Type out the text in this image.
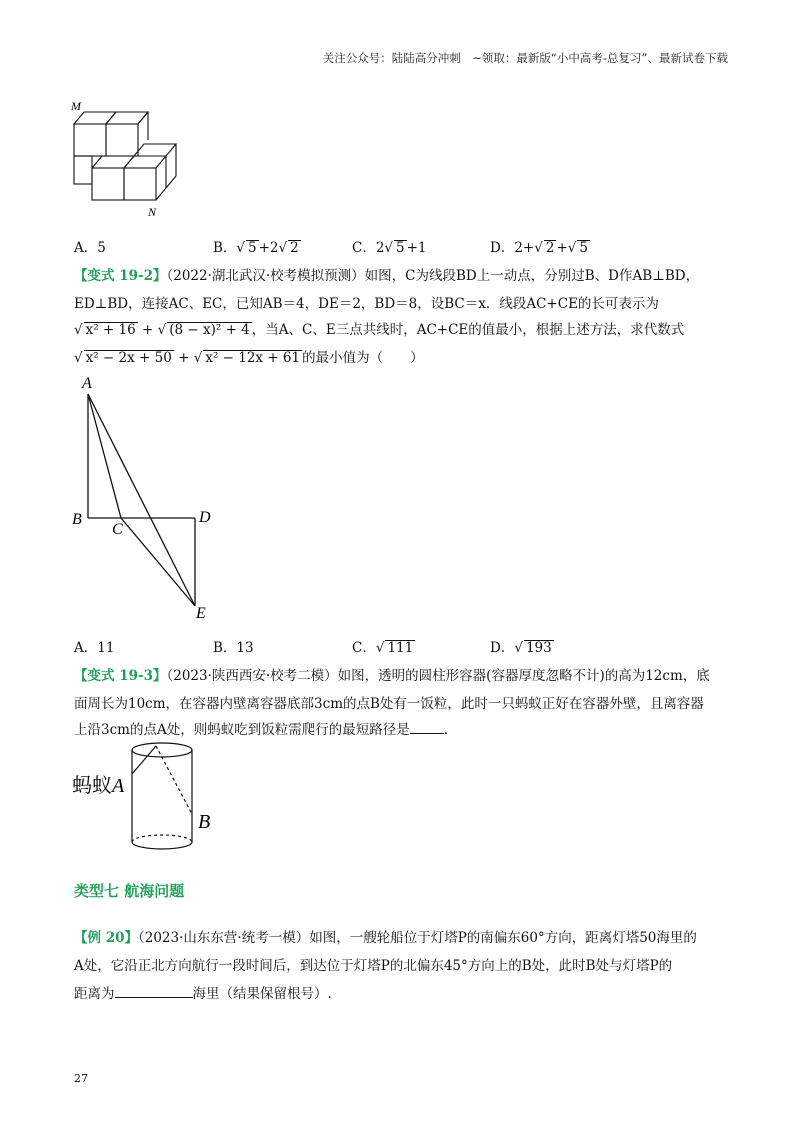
关注公众号：陆陆高分冲刺　~领取：最新版“小中高考-总复习”、最新试卷下载
M
N
A．5	B．√ 5 +2√ 2	C．2√ 5 +1	D．2+√ 2 +√ 5
【变式 19-2】（2022·湖北武汉·校考模拟预测）如图，C为线段BD上一动点，分别过B、D作AB⊥BD，
ED⊥BD，连接AC、EC，已知AB＝4，DE＝2，BD＝8，设BC＝x．线段AC+CE的长可表示为
√ x² + 16 + √ (8 − x)² + 4 ，当A、C、E三点共线时，AC+CE的值最小，根据上述方法，求代数式
√ x² − 2x + 50 + √ x² − 12x + 61 的最小值为（　　）
A
B
C
D
E
A．11	B．13	C．√ 111	D．√ 193
【变式 19-3】（2023·陕西西安·校考二模）如图，透明的圆柱形容器(容器厚度忽略不计)的高为12cm，底
面周长为10cm，在容器内壁离容器底部3cm的点B处有一饭粒，此时一只蚂蚁正好在容器外壁，且离容器
上沿3cm的点A处，则蚂蚁吃到饭粒需爬行的最短路径是	.
蚂蚁 A
B
类型七 航海问题
【例 20】（2023·山东东营·统考一模）如图，一艘轮船位于灯塔P的南偏东60°方向，距离灯塔50海里的
A处，它沿正北方向航行一段时间后，到达位于灯塔P的北偏东45°方向上的B处，此时B处与灯塔P的
距离为	海里（结果保留根号）.
27
